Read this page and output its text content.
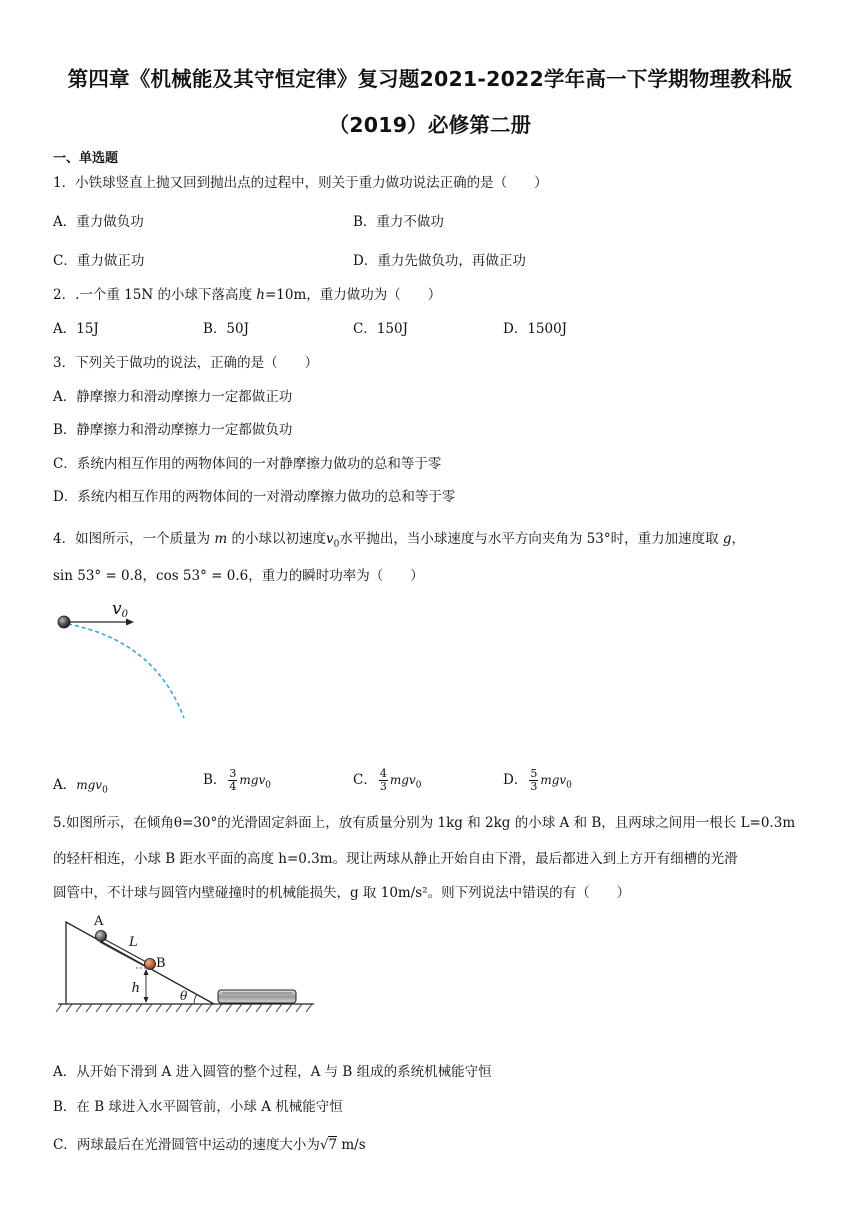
第四章《机械能及其守恒定律》复习题2021-2022学年高一下学期物理教科版
（2019）必修第二册
一、单选题
1．小铁球竖直上抛又回到抛出点的过程中，则关于重力做功说法正确的是（　　）
A．重力做负功	B．重力不做功
C．重力做正功	D．重力先做负功，再做正功
2．.一个重 15N 的小球下落高度 h=10m，重力做功为（　　）
A．15J	B．50J	C．150J	D．1500J
3．下列关于做功的说法，正确的是（　　）
A．静摩擦力和滑动摩擦力一定都做正功
B．静摩擦力和滑动摩擦力一定都做负功
C．系统内相互作用的两物体间的一对静摩擦力做功的总和等于零
D．系统内相互作用的两物体间的一对滑动摩擦力做功的总和等于零
4．如图所示，一个质量为 m 的小球以初速度$v_0$水平抛出，当小球速度与水平方向夹角为 53°时，重力加速度取 g，
sin 53° = 0.8，cos 53° = 0.6，重力的瞬时功率为（　　）
v0
A．mgv$_0$
B． $\frac{3}{4} mgv_0$	C． $\frac{4}{3} mgv_0$	D． $\frac{5}{3} mgv_0$
5.如图所示，在倾角θ=30°的光滑固定斜面上，放有质量分别为 1kg 和 2kg 的小球 A 和 B，且两球之间用一根长 L=0.3m
的轻杆相连，小球 B 距水平面的高度 h=0.3m。现让两球从静止开始自由下滑，最后都进入到上方开有细槽的光滑
圆管中，不计球与圆管内壁碰撞时的机械能损失，g 取 10m/s²。则下列说法中错误的有（　　）
A
B
L
h	θ
A．从开始下滑到 A 进入圆管的整个过程，A 与 B 组成的系统机械能守恒
B．在 B 球进入水平圆管前，小球 A 机械能守恒
C．两球最后在光滑圆管中运动的速度大小为√7 m/s
